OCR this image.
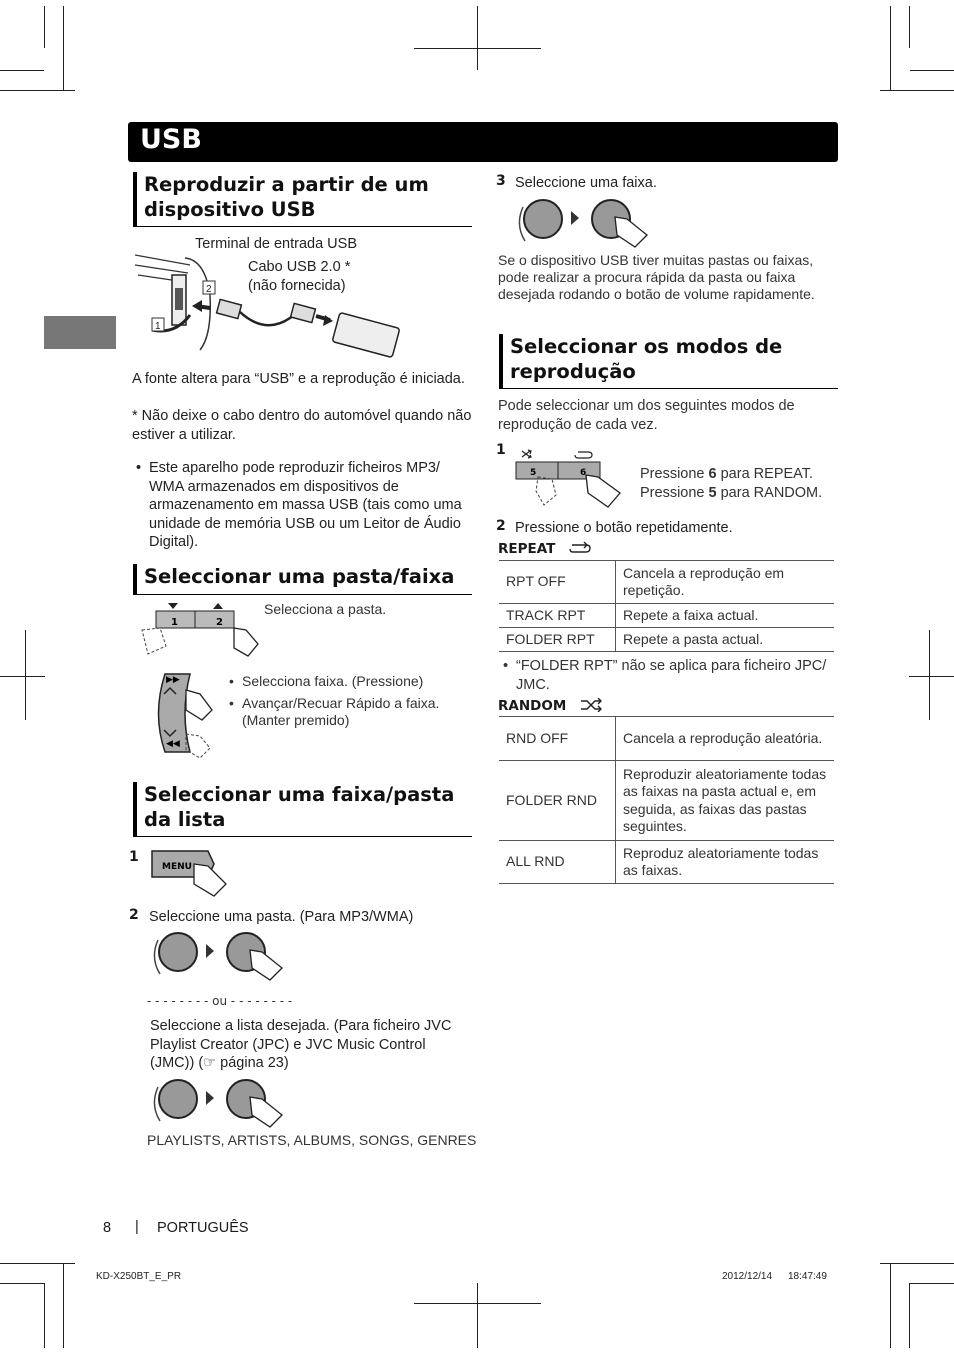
USB
Reproduzir a partir de um dispositivo USB
Terminal de entrada USB
Cabo USB 2.0 *
(não fornecida)
1
2
A fonte altera para “USB” e a reprodução é iniciada.
* Não deixe o cabo dentro do automóvel quando não estiver a utilizar.
• Este aparelho pode reproduzir ficheiros MP3/ WMA armazenados em dispositivos de armazenamento em massa USB (tais como uma unidade de memória USB ou um Leitor de Áudio Digital).
Seleccionar uma pasta/faixa
1	2
Selecciona a pasta.
▶▶
◀◀
• Selecciona faixa. (Pressione)
• Avançar/Recuar Rápido a faixa. (Manter premido)
Seleccionar uma faixa/pasta da lista
1
MENU
2 Seleccione uma pasta. (Para MP3/WMA)
- - - - - - - - ou - - - - - - - -
Seleccione a lista desejada. (Para ficheiro JVC Playlist Creator (JPC) e JVC Music Control (JMC)) (☞ página 23)
PLAYLISTS, ARTISTS, ALBUMS, SONGS, GENRES
3 Seleccione uma faixa.
Se o dispositivo USB tiver muitas pastas ou faixas, pode realizar a procura rápida da pasta ou faixa desejada rodando o botão de volume rapidamente.
Seleccionar os modos de reprodução
Pode seleccionar um dos seguintes modos de reprodução de cada vez.
1
5	6	Pressione 6 para REPEAT.
Pressione 5 para RANDOM.
2 Pressione o botão repetidamente.
REPEAT
RPT OFF	Cancela a reprodução em repetição.
TRACK RPT	Repete a faixa actual.
FOLDER RPT	Repete a pasta actual.
• “FOLDER RPT” não se aplica para ficheiro JPC/ JMC.
RANDOM
RND OFF	Cancela a reprodução aleatória.
FOLDER RND	Reproduzir aleatoriamente todas as faixas na pasta actual e, em seguida, as faixas das pastas seguintes.
ALL RND	Reproduz aleatoriamente todas as faixas.
8 | PORTUGUÊS
KD-X250BT_E_PR	2012/12/14 18:47:49
